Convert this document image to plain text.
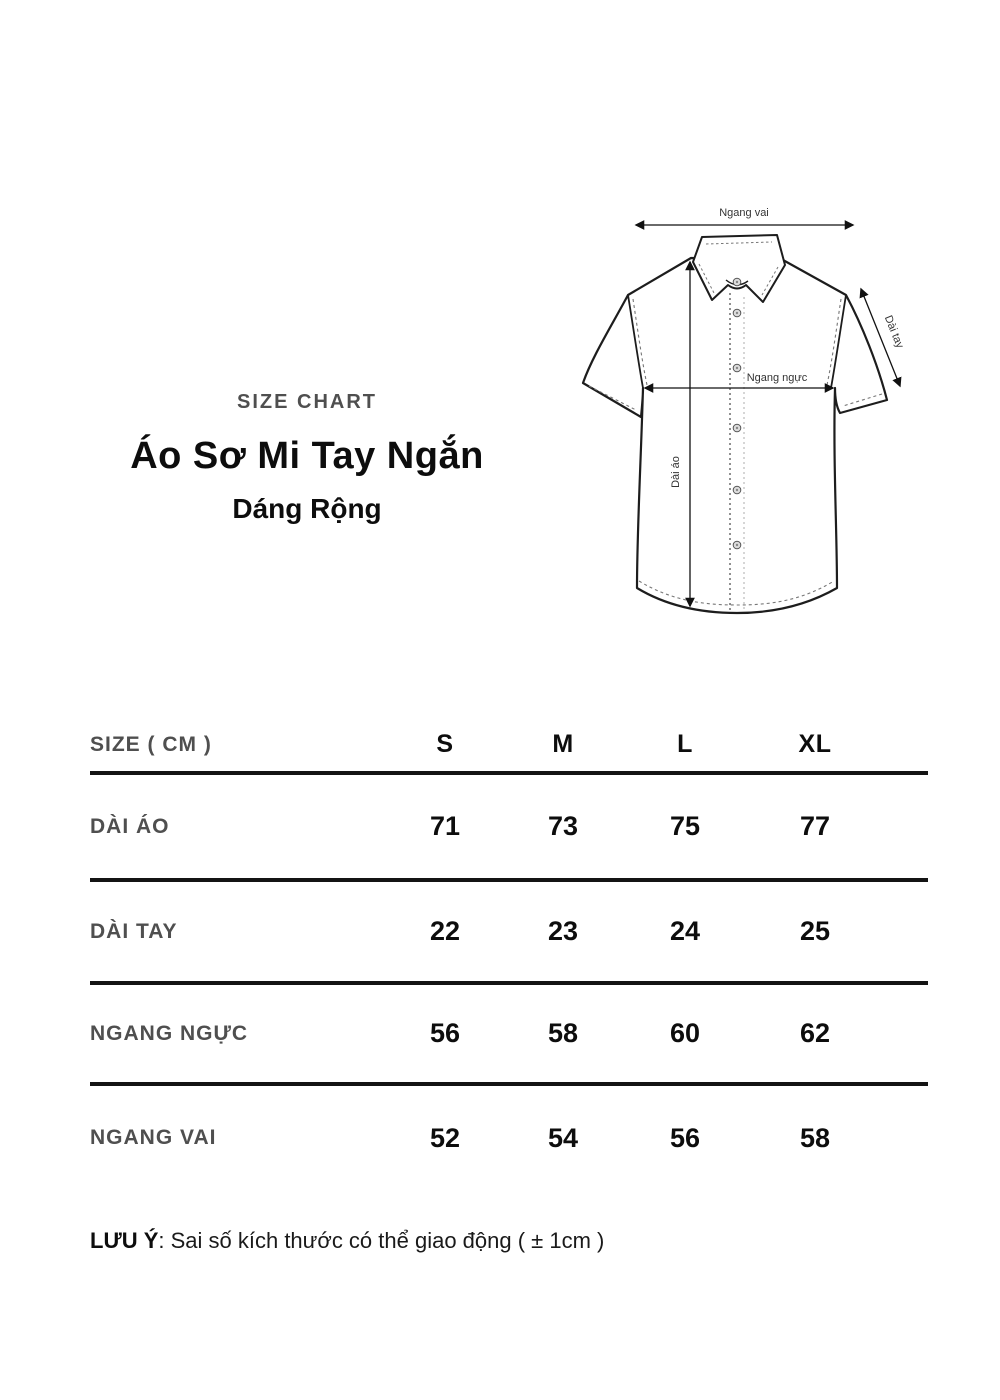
SIZE CHART
Áo Sơ Mi Tay Ngắn
Dáng Rộng
Ngang vai
Dài áo
Ngang ngực
Dài tay
SIZE ( CM )	S	M	L	XL
DÀI ÁO	71	73	75	77
DÀI TAY	22	23	24	25
NGANG NGỰC	56	58	60	62
NGANG VAI	52	54	56	58

LƯU Ý: Sai số kích thước có thể giao động ( ± 1cm )
